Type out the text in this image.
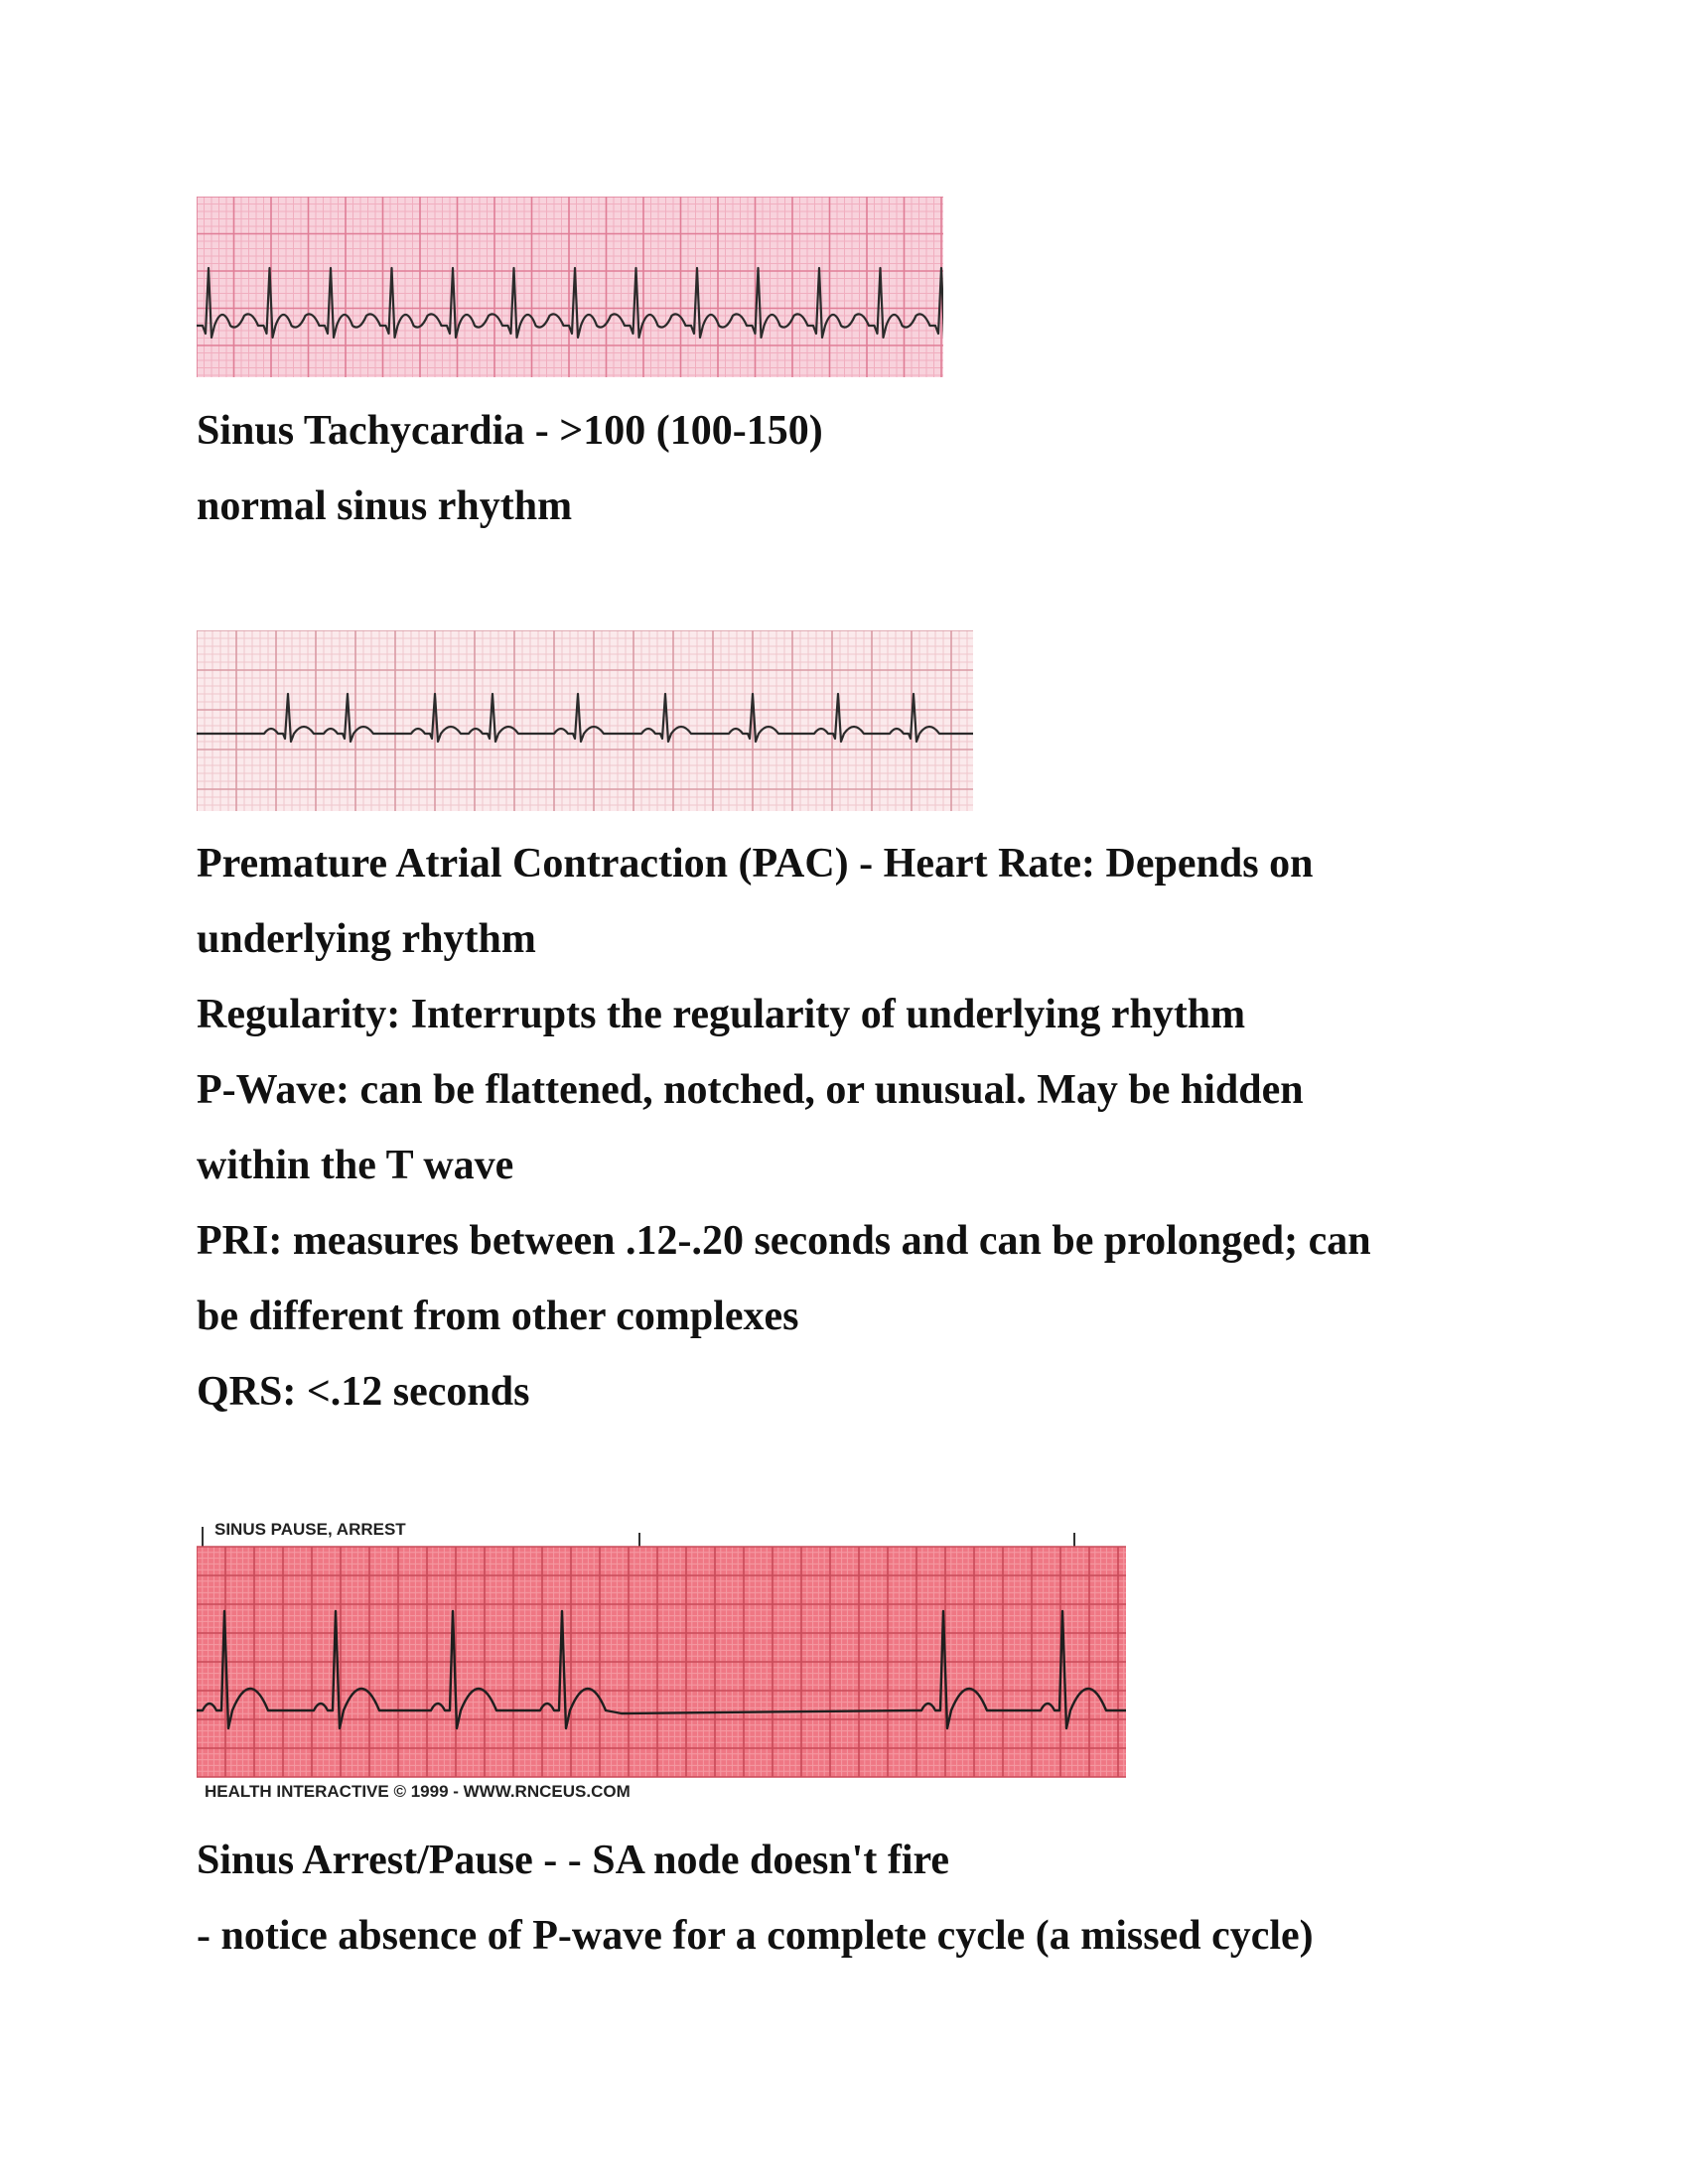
Sinus Tachycardia - >100 (100-150)

normal sinus rhythm

Premature Atrial Contraction (PAC) - Heart Rate: Depends on

underlying rhythm

Regularity: Interrupts the regularity of underlying rhythm

P-Wave: can be flattened, notched, or unusual. May be hidden

within the T wave

PRI: measures between .12-.20 seconds and can be prolonged; can

be different from other complexes

QRS: <.12 seconds

SINUS PAUSE, ARREST
HEALTH INTERACTIVE © 1999 - WWW.RNCEUS.COM

Sinus Arrest/Pause - - SA node doesn't fire

- notice absence of P-wave for a complete cycle (a missed cycle)
